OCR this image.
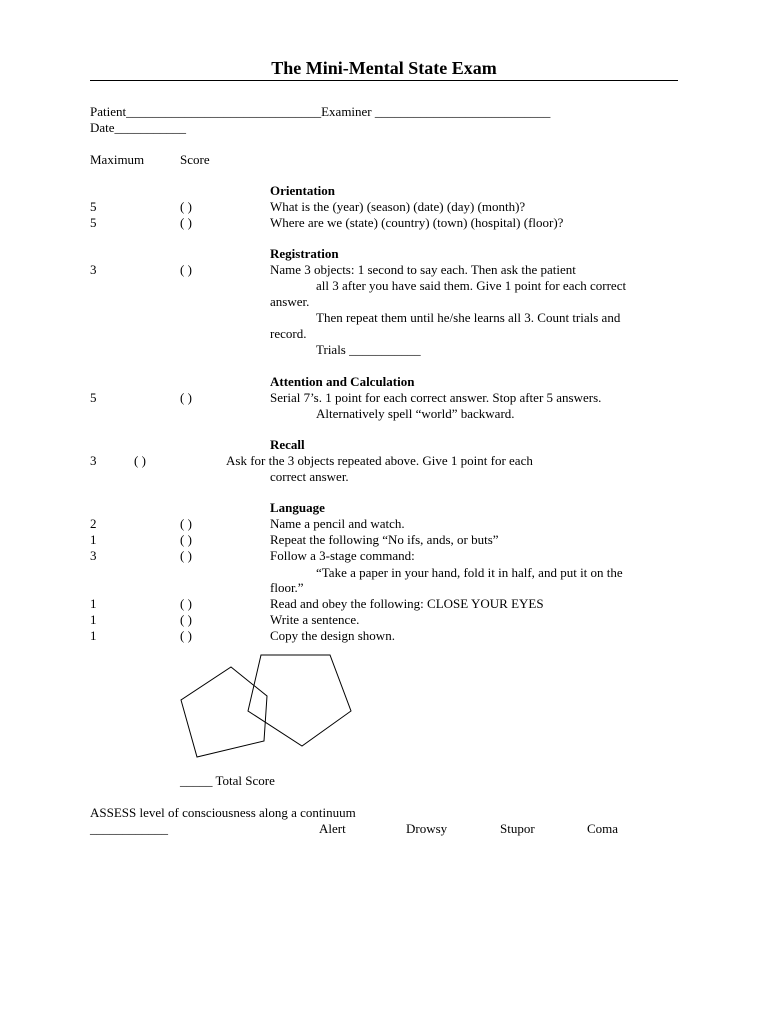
The Mini-Mental State Exam
Patient______________________________Examiner ___________________________
Date___________
Maximum	Score
Orientation
5	( )	What is the (year) (season) (date) (day) (month)?
5	( )	Where are we (state) (country) (town) (hospital) (floor)?
Registration
3	( )	Name 3 objects: 1 second to say each. Then ask the patient
all 3 after you have said them. Give 1 point for each correct
answer.
Then repeat them until he/she learns all 3. Count trials and
record.
Trials ___________
Attention and Calculation
5	( )	Serial 7’s. 1 point for each correct answer. Stop after 5 answers.
Alternatively spell “world” backward.
Recall
3	( )	Ask for the 3 objects repeated above. Give 1 point for each
correct answer.
Language
2	( )	Name a pencil and watch.
1	( )	Repeat the following “No ifs, ands, or buts”
3	( )	Follow a 3-stage command:
“Take a paper in your hand, fold it in half, and put it on the
floor.”
1	( )	Read and obey the following: CLOSE YOUR EYES
1	( )	Write a sentence.
1	( )	Copy the design shown.
_____ Total Score
ASSESS level of consciousness along a continuum
____________	Alert	Drowsy	Stupor	Coma
